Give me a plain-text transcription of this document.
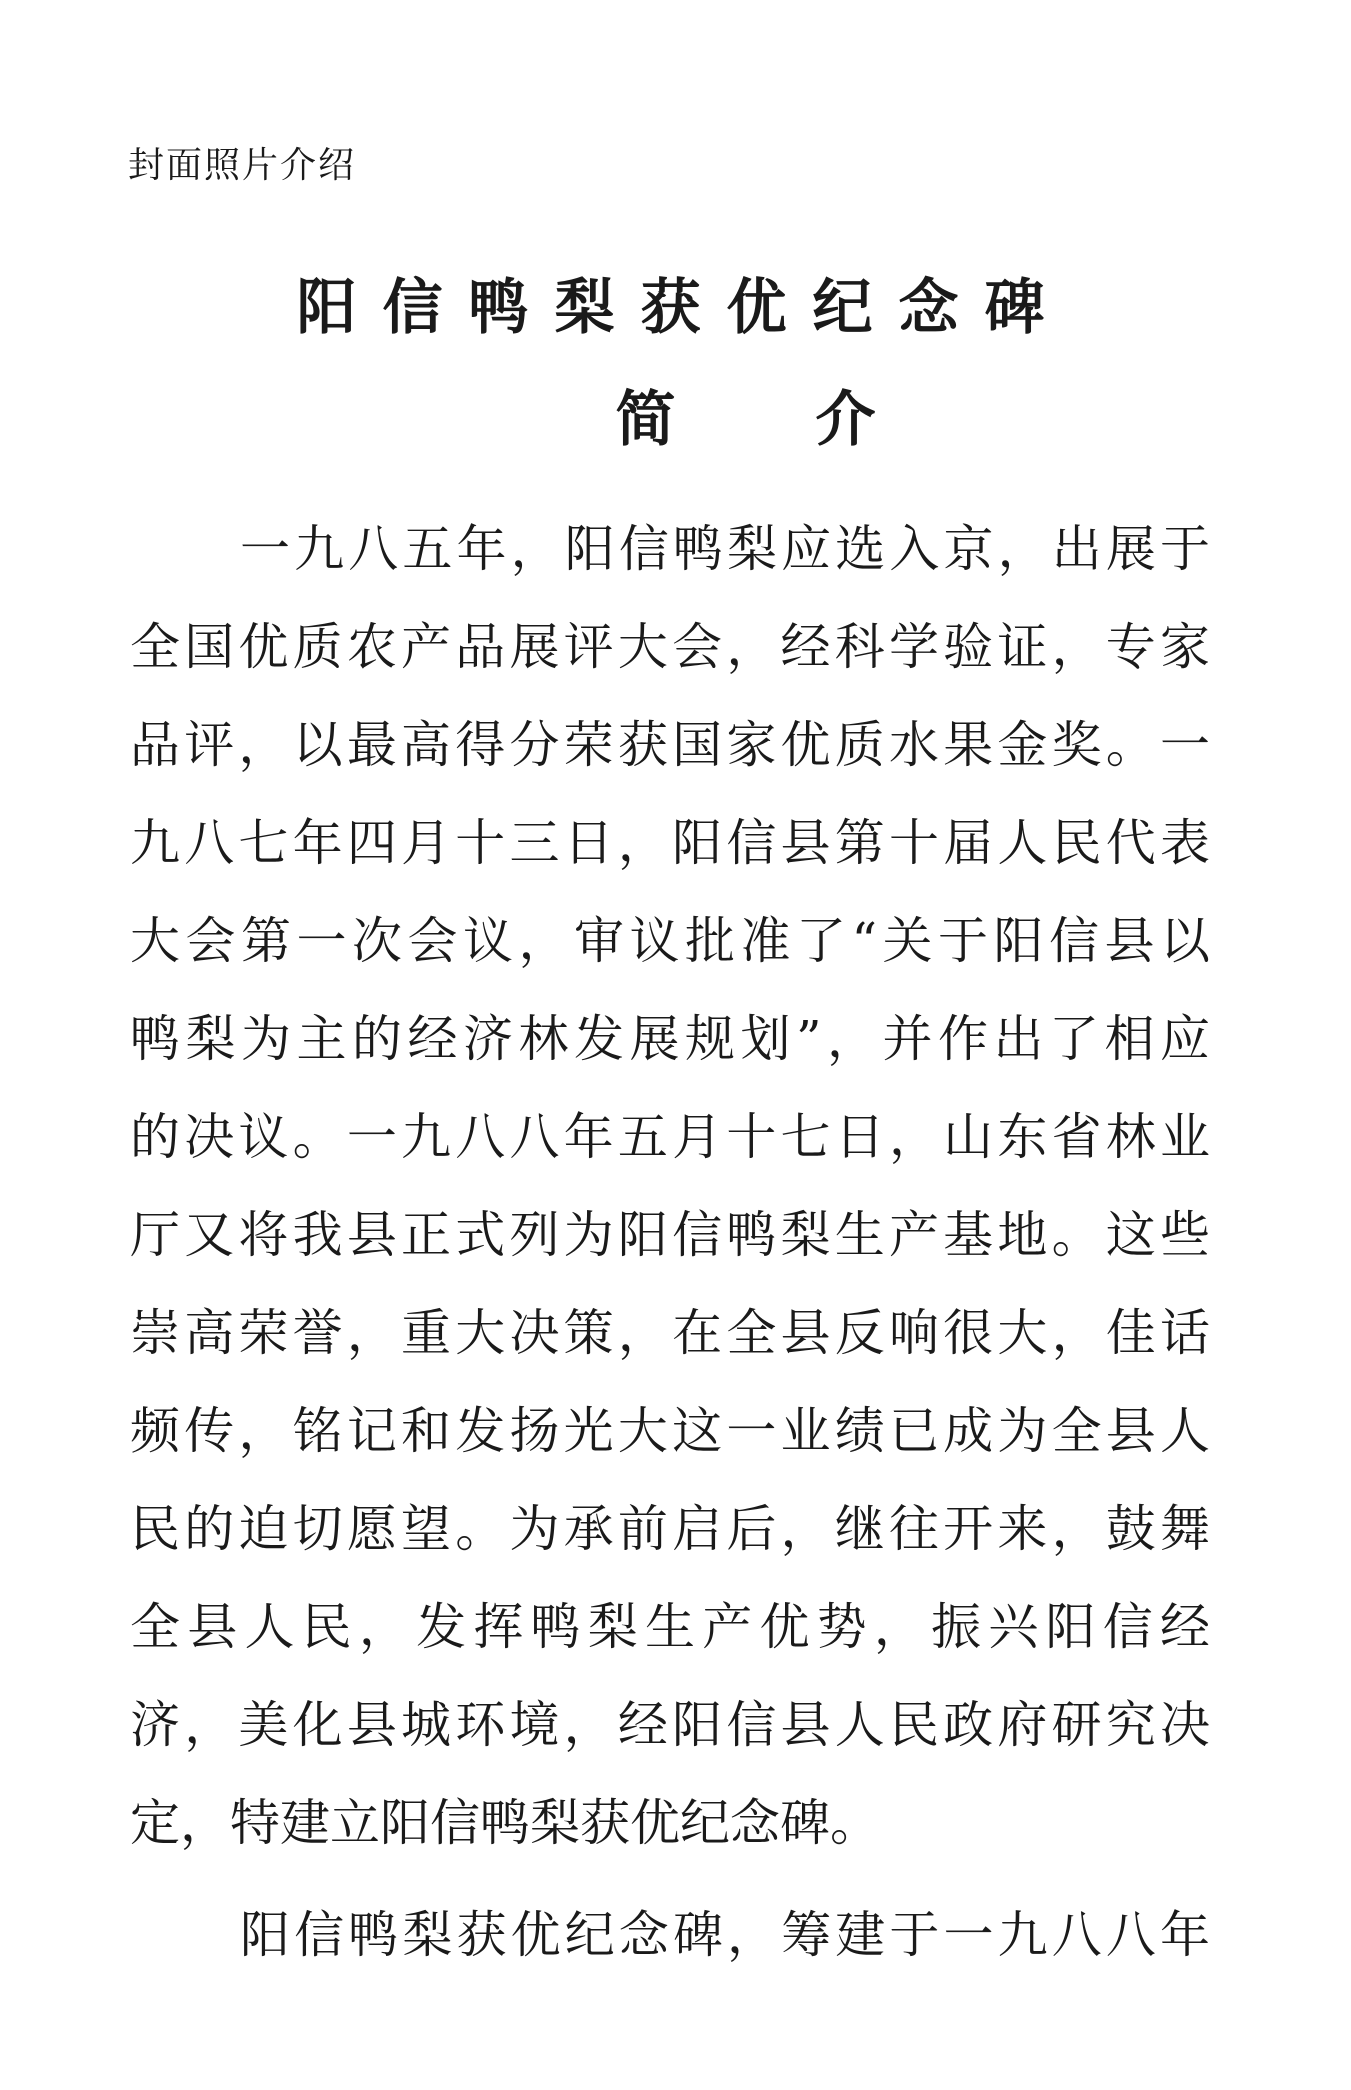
封面照片介绍
阳信鸭梨获优纪念碑
简介
一九八五年，阳信鸭梨应选入京，出展于
全国优质农产品展评大会，经科学验证，专家
品评，以最高得分荣获国家优质水果金奖。一
九八七年四月十三日，阳信县第十届人民代表
大会第一次会议，审议批准了“关于阳信县以
鸭梨为主的经济林发展规划”，并作出了相应
的决议。一九八八年五月十七日，山东省林业
厅又将我县正式列为阳信鸭梨生产基地。这些
崇高荣誉，重大决策，在全县反响很大，佳话
频传，铭记和发扬光大这一业绩已成为全县人
民的迫切愿望。为承前启后，继往开来，鼓舞
全县人民，发挥鸭梨生产优势，振兴阳信经
济，美化县城环境，经阳信县人民政府研究决
定，特建立阳信鸭梨获优纪念碑。
阳信鸭梨获优纪念碑，筹建于一九八八年
